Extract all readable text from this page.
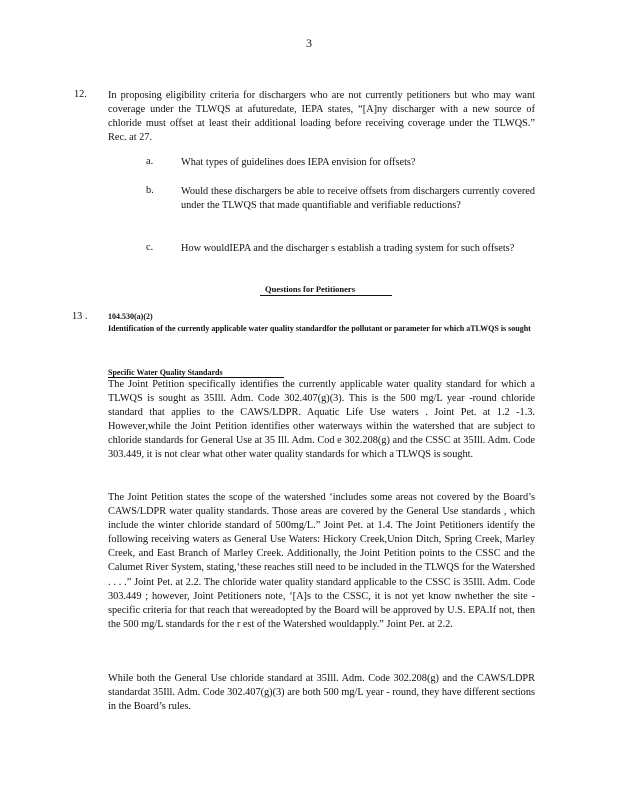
3
12. In proposing eligibility criteria for dischargers who are not currently petitioners but who may want coverage under the TLWQS at afuturedate, IEPA states, “[A]ny discharger with a new source of chloride must offset at least their additional loading before receiving coverage under the TLWQS.” Rec. at 27.
a.	What types of guidelines does IEPA envision for offsets?
b.	Would these dischargers be able to receive offsets from dischargers currently covered under the TLWQS that made quantifiable and verifiable reductions?
c.	How wouldIEPA and the discharger s establish a trading system for such offsets?
Questions for Petitioners
13 .	104.530(a)(2)
Identification of the currently applicable water quality standardfor the pollutant or parameter for which aTLWQS is sought
Specific Water Quality Standards
The Joint Petition specifically identifies the currently applicable water quality standard for which a TLWQS is sought as 35Ill. Adm. Code 302.407(g)(3). This is the 500 mg/L year -round chloride standard that applies to the CAWS/LDPR. Aquatic Life Use waters . Joint Pet. at 1.2 -1.3. However,while the Joint Petition identifies other waterways within the watershed that are subject to chloride standards for General Use at 35 Ill. Adm. Cod e 302.208(g) and the CSSC at 35Ill. Adm. Code 303.449, it is not clear what other water quality standards for which a TLWQS is sought.
The Joint Petition states the scope of the watershed ‘includes some areas not covered by the Board’s CAWS/LDPR water quality standards. Those areas are covered by the General Use standards , which include the winter chloride standard of 500mg/L.” Joint Pet. at 1.4. The Joint Petitioners identify the following receiving waters as General Use Waters: Hickory Creek,Union Ditch, Spring Creek, Marley Creek, and East Branch of Marley Creek. Additionally, the Joint Petition points to the CSSC and the Calumet River System, stating,‘these reaches still need to be included in the TLWQS for the Watershed . . . .” Joint Pet. at 2.2. The chloride water quality standard applicable to the CSSC is 35Ill. Adm. Code 303.449 ; however, Joint Petitioners note, ‘[A]s to the CSSC, it is not yet know nwhether the site -specific criteria for that reach that wereadopted by the Board will be approved by U.S. EPA.If not, then the 500 mg/L standards for the r est of the Watershed wouldapply.” Joint Pet. at 2.2.
While both the General Use chloride standard at 35Ill. Adm. Code 302.208(g) and the CAWS/LDPR standardat 35Ill. Adm. Code 302.407(g)(3) are both 500 mg/L year - round, they have different sections in the Board’s rules.
